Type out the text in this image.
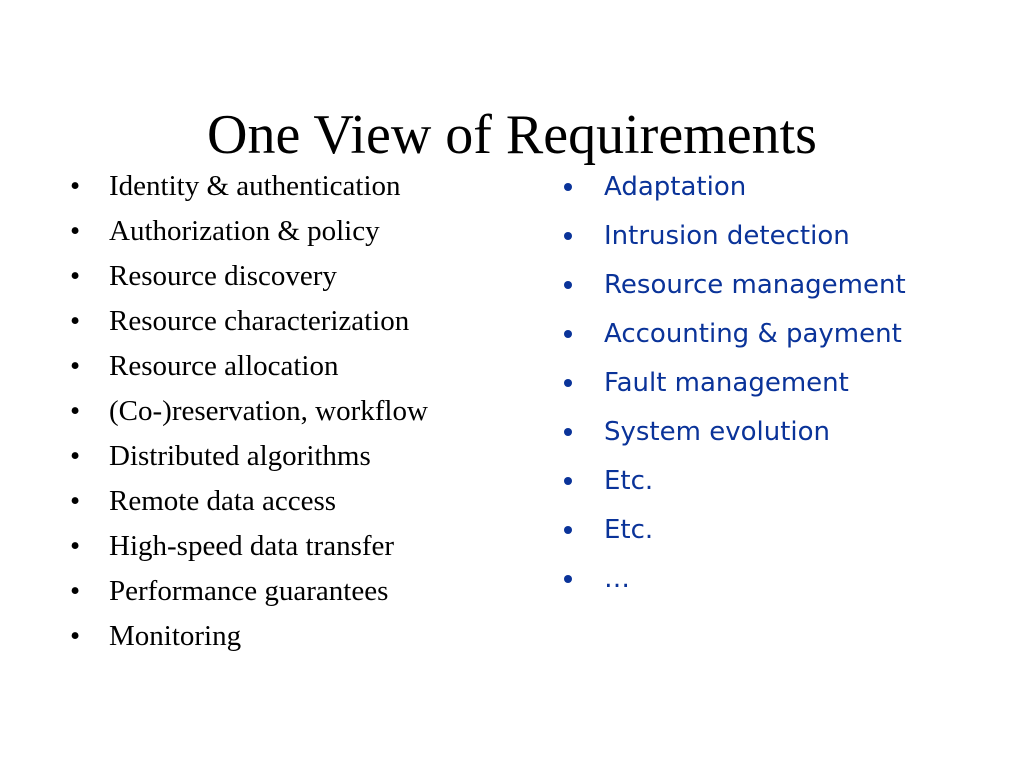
One View of Requirements
• Identity & authentication
• Authorization & policy
• Resource discovery
• Resource characterization
• Resource allocation
• (Co-)reservation, workflow
• Distributed algorithms
• Remote data access
• High-speed data transfer
• Performance guarantees
• Monitoring
Adaptation
Intrusion detection
Resource management
Accounting & payment
Fault management
System evolution
Etc.
Etc.
…
